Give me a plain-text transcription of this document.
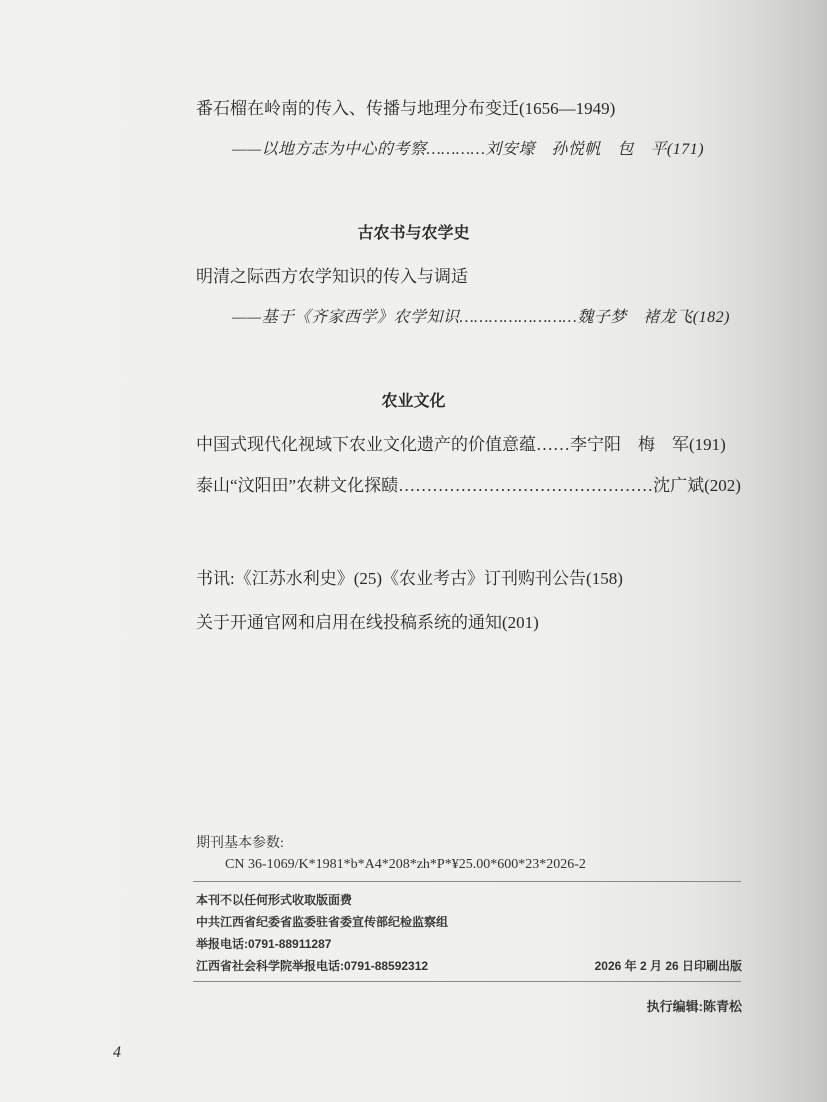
番石榴在岭南的传入、传播与地理分布变迁(1656—1949)
——以地方志为中心的考察…………刘安壕　孙悦帆　包　平(171)
古农书与农学史
明清之际西方农学知识的传入与调适
——基于《齐家西学》农学知识……………………魏子梦　褚龙飞(182)
农业文化
中国式现代化视域下农业文化遗产的价值意蕴……李宁阳　梅　军(191)
泰山“汶阳田”农耕文化探赜………………………………………沈广斌(202)
书讯:《江苏水利史》(25)《农业考古》订刊购刊公告(158)
关于开通官网和启用在线投稿系统的通知(201)
期刊基本参数:
CN 36-1069/K*1981*b*A4*208*zh*P*¥25.00*600*23*2026-2
本刊不以任何形式收取版面费
中共江西省纪委省监委驻省委宣传部纪检监察组
举报电话:0791-88911287
江西省社会科学院举报电话:0791-88592312	2026 年 2 月 26 日印刷出版
执行编辑:陈青松
4
